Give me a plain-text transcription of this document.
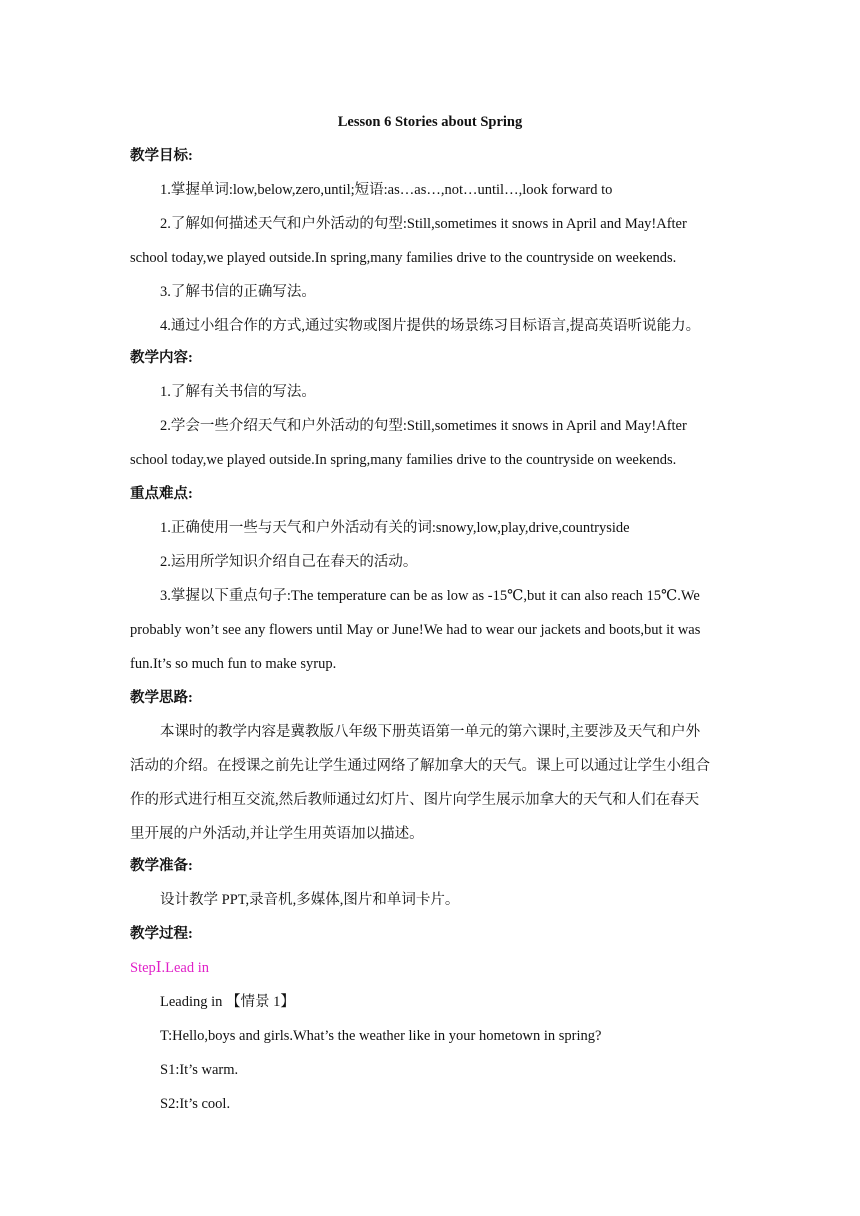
Lesson 6 Stories about Spring
教学目标:
1.掌握单词:low,below,zero,until;短语:as…as…,not…until…,look forward to
2.了解如何描述天气和户外活动的句型:Still,sometimes it snows in April and May!After
school today,we played outside.In spring,many families drive to the countryside on weekends.
3.了解书信的正确写法。
4.通过小组合作的方式,通过实物或图片提供的场景练习目标语言,提高英语听说能力。
教学内容:
1.了解有关书信的写法。
2.学会一些介绍天气和户外活动的句型:Still,sometimes it snows in April and May!After
school today,we played outside.In spring,many families drive to the countryside on weekends.
重点难点:
1.正确使用一些与天气和户外活动有关的词:snowy,low,play,drive,countryside
2.运用所学知识介绍自己在春天的活动。
3.掌握以下重点句子:The temperature can be as low as -15℃,but it can also reach 15℃.We
probably won’t see any flowers until May or June!We had to wear our jackets and boots,but it was
fun.It’s so much fun to make syrup.
教学思路:
本课时的教学内容是冀教版八年级下册英语第一单元的第六课时,主要涉及天气和户外
活动的介绍。在授课之前先让学生通过网络了解加拿大的天气。课上可以通过让学生小组合
作的形式进行相互交流,然后教师通过幻灯片、图片向学生展示加拿大的天气和人们在春天
里开展的户外活动,并让学生用英语加以描述。
教学准备:
设计教学 PPT,录音机,多媒体,图片和单词卡片。
教学过程:
StepⅠ.Lead in
Leading in 【情景 1】
T:Hello,boys and girls.What’s the weather like in your hometown in spring?
S1:It’s warm.
S2:It’s cool.
